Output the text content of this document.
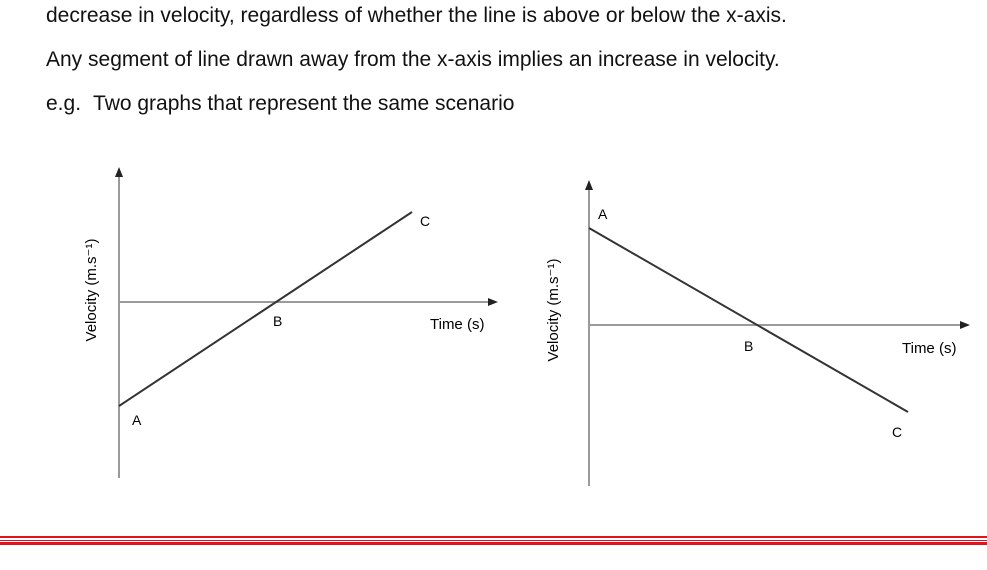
decrease in velocity, regardless of whether the line is above or below the x-axis.

Any segment of line drawn away from the x-axis implies an increase in velocity.

e.g. Two graphs that represent the same scenario

A
B
C
Time (s)
Velocity (m.s⁻¹)
A
B
C
Time (s)
Velocity (m.s⁻¹)
